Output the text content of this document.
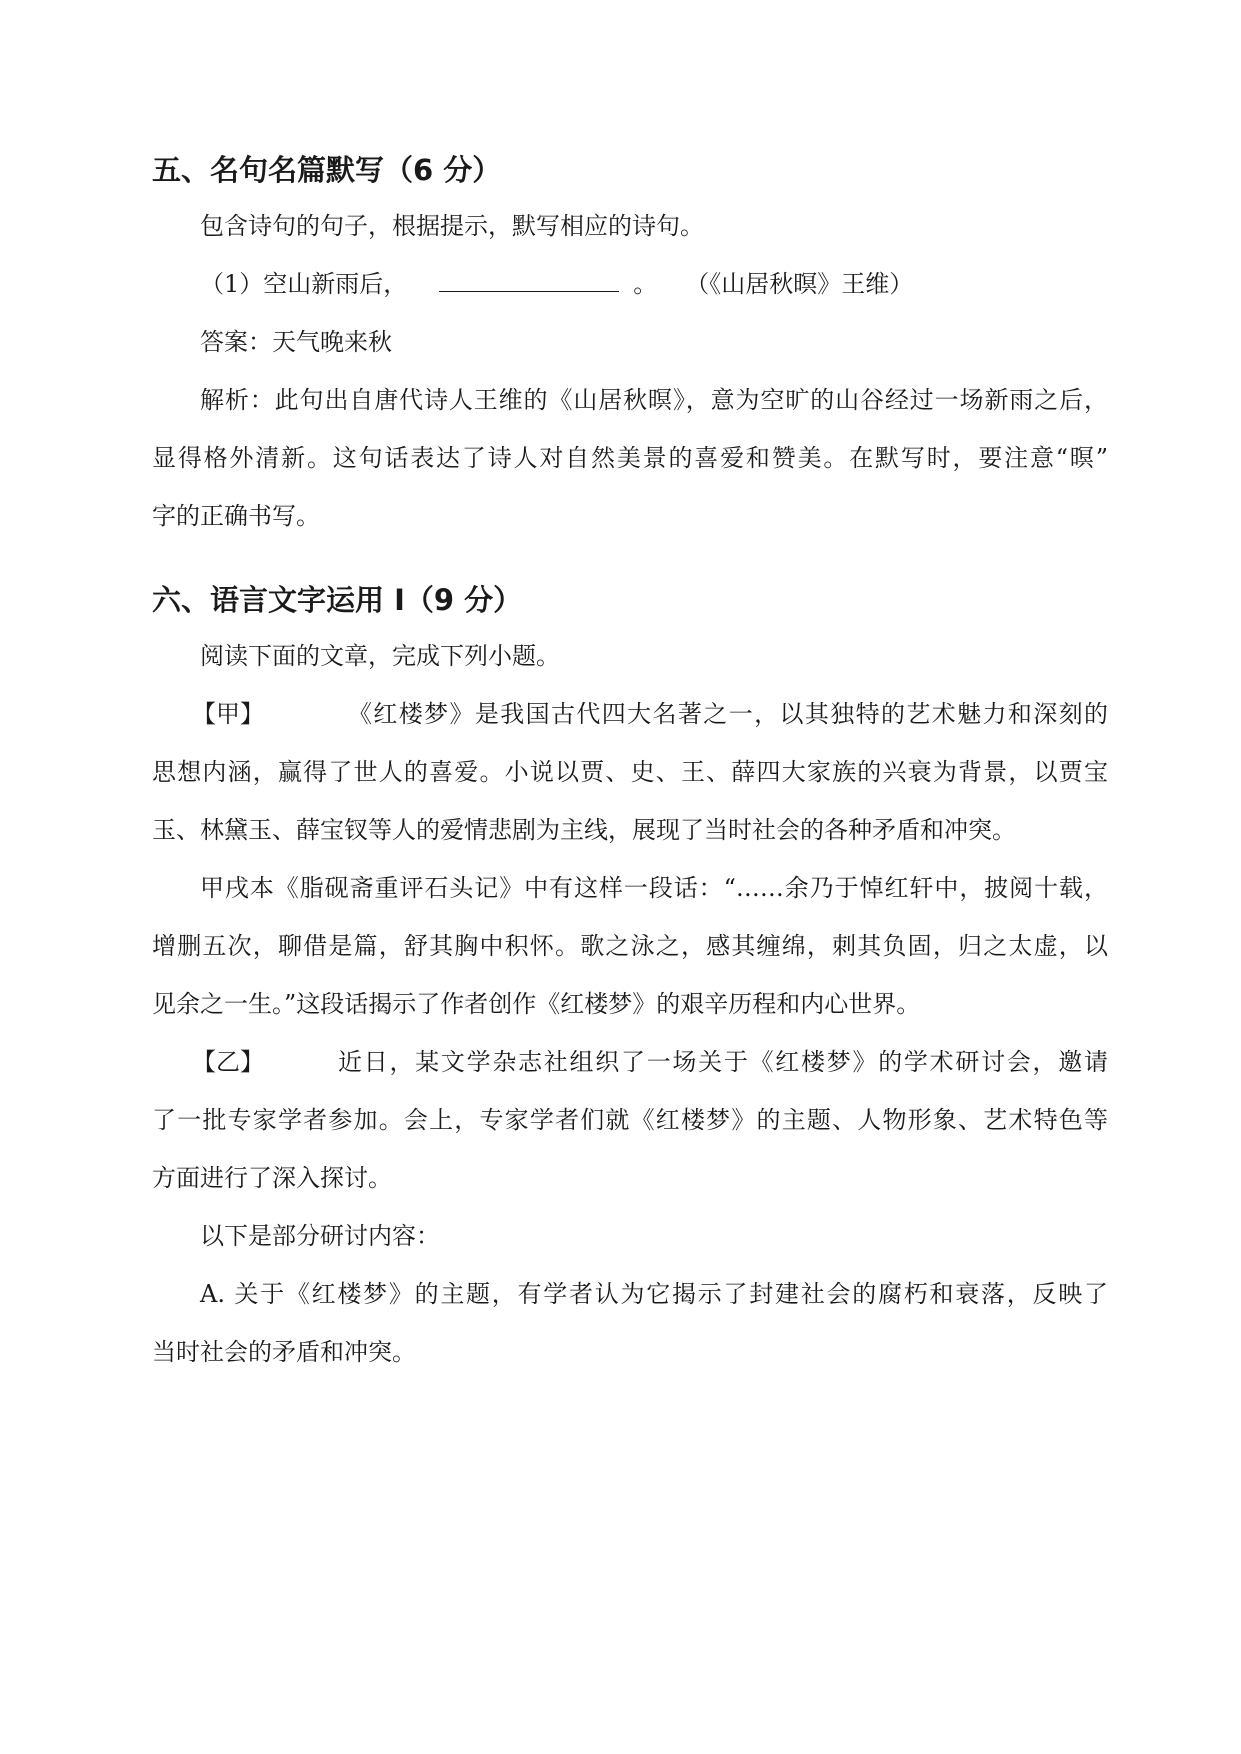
五、名句名篇默写（6 分）
包含诗句的句子，根据提示，默写相应的诗句。
（1）空山新雨后，	。 （《山居秋暝》王维）
答案：天气晚来秋
解析：此句出自唐代诗人王维的《山居秋暝》，意为空旷的山谷经过一场新雨之后，
显得格外清新。这句话表达了诗人对自然美景的喜爱和赞美。在默写时，要注意“暝”
字的正确书写。
六、语言文字运用 I（9 分）
阅读下面的文章，完成下列小题。
【甲】	《红楼梦》是我国古代四大名著之一，以其独特的艺术魅力和深刻的
思想内涵，赢得了世人的喜爱。小说以贾、史、王、薛四大家族的兴衰为背景，以贾宝
玉、林黛玉、薛宝钗等人的爱情悲剧为主线，展现了当时社会的各种矛盾和冲突。
甲戌本《脂砚斋重评石头记》中有这样一段话：“……余乃于悼红轩中，披阅十载，
增删五次，聊借是篇，舒其胸中积怀。歌之泳之，感其缠绵，刺其负固，归之太虚，以
见余之一生。”这段话揭示了作者创作《红楼梦》的艰辛历程和内心世界。
【乙】	近日，某文学杂志社组织了一场关于《红楼梦》的学术研讨会，邀请
了一批专家学者参加。会上，专家学者们就《红楼梦》的主题、人物形象、艺术特色等
方面进行了深入探讨。
以下是部分研讨内容：
A. 关于《红楼梦》的主题，有学者认为它揭示了封建社会的腐朽和衰落，反映了
当时社会的矛盾和冲突。
